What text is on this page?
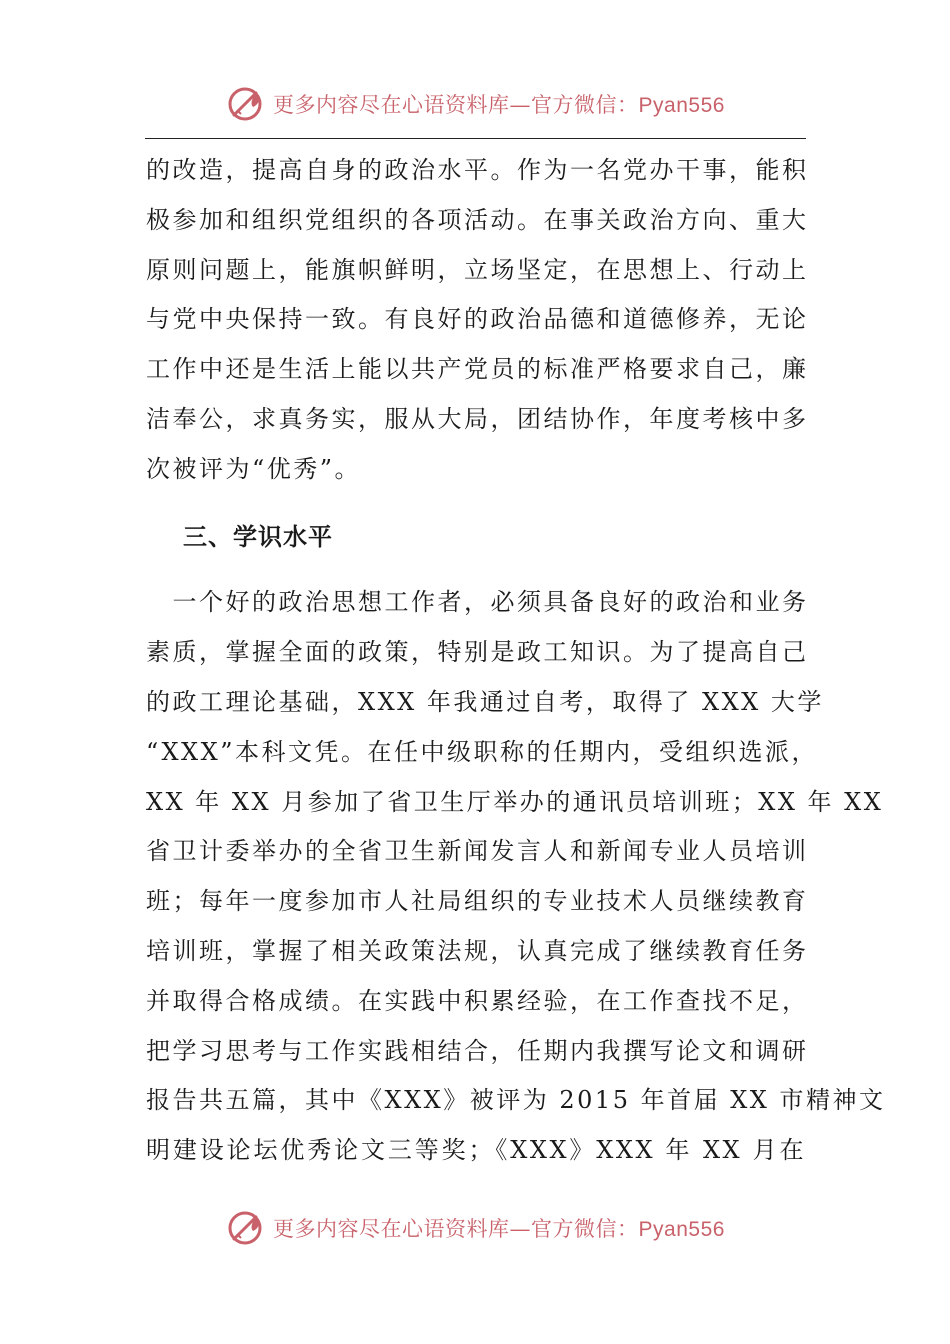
更多内容尽在心语资料库—官方微信：Pyan556

的改造，提高自身的政治水平。作为一名党办干事，能积

极参加和组织党组织的各项活动。在事关政治方向、重大

原则问题上，能旗帜鲜明，立场坚定，在思想上、行动上

与党中央保持一致。有良好的政治品德和道德修养，无论

工作中还是生活上能以共产党员的标准严格要求自己，廉

洁奉公，求真务实，服从大局，团结协作，年度考核中多

次被评为“优秀”。

三、学识水平

　一个好的政治思想工作者，必须具备良好的政治和业务

素质，掌握全面的政策，特别是政工知识。为了提高自己

的政工理论基础，XXX 年我通过自考，取得了 XXX 大学

“XXX”本科文凭。在任中级职称的任期内，受组织选派，

XX 年 XX 月参加了省卫生厅举办的通讯员培训班；XX 年 XX

省卫计委举办的全省卫生新闻发言人和新闻专业人员培训

班；每年一度参加市人社局组织的专业技术人员继续教育

培训班，掌握了相关政策法规，认真完成了继续教育任务

并取得合格成绩。在实践中积累经验，在工作查找不足，

把学习思考与工作实践相结合，任期内我撰写论文和调研

报告共五篇，其中《XXX》被评为 2015 年首届 XX 市精神文

明建设论坛优秀论文三等奖；《XXX》XXX 年 XX 月在

更多内容尽在心语资料库—官方微信：Pyan556
